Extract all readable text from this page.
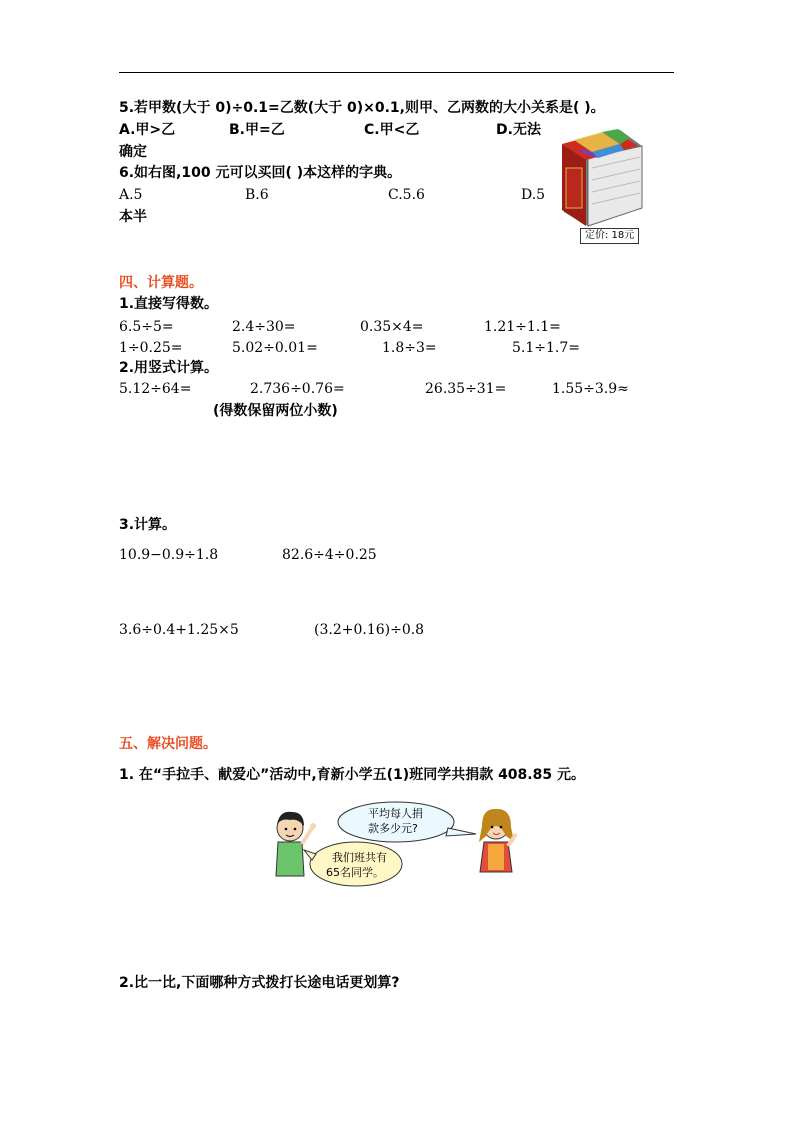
5.若甲数(大于 0)÷0.1=乙数(大于 0)×0.1,则甲、乙两数的大小关系是( )。
A.甲>乙	B.甲=乙	C.甲<乙	D.无法
确定
6.如右图,100 元可以买回( )本这样的字典。
A.5	B.6	C.5.6	D.5
本半
定价: 18元
四、计算题。
1.直接写得数。
6.5÷5=	2.4÷30=	0.35×4=	1.21÷1.1=
1÷0.25=	5.02÷0.01=	1.8÷3=	5.1÷1.7=
2.用竖式计算。
5.12÷64=	2.736÷0.76=	26.35÷31=	1.55÷3.9≈
(得数保留两位小数)
3.计算。
10.9−0.9÷1.8	82.6÷4÷0.25
3.6÷0.4+1.25×5	(3.2+0.16)÷0.8
五、解决问题。
1. 在“手拉手、献爱心”活动中,育新小学五(1)班同学共捐款 408.85 元。
平均每人捐
款多少元?
我们班共有
65名同学。
2.比一比,下面哪种方式拨打长途电话更划算?
